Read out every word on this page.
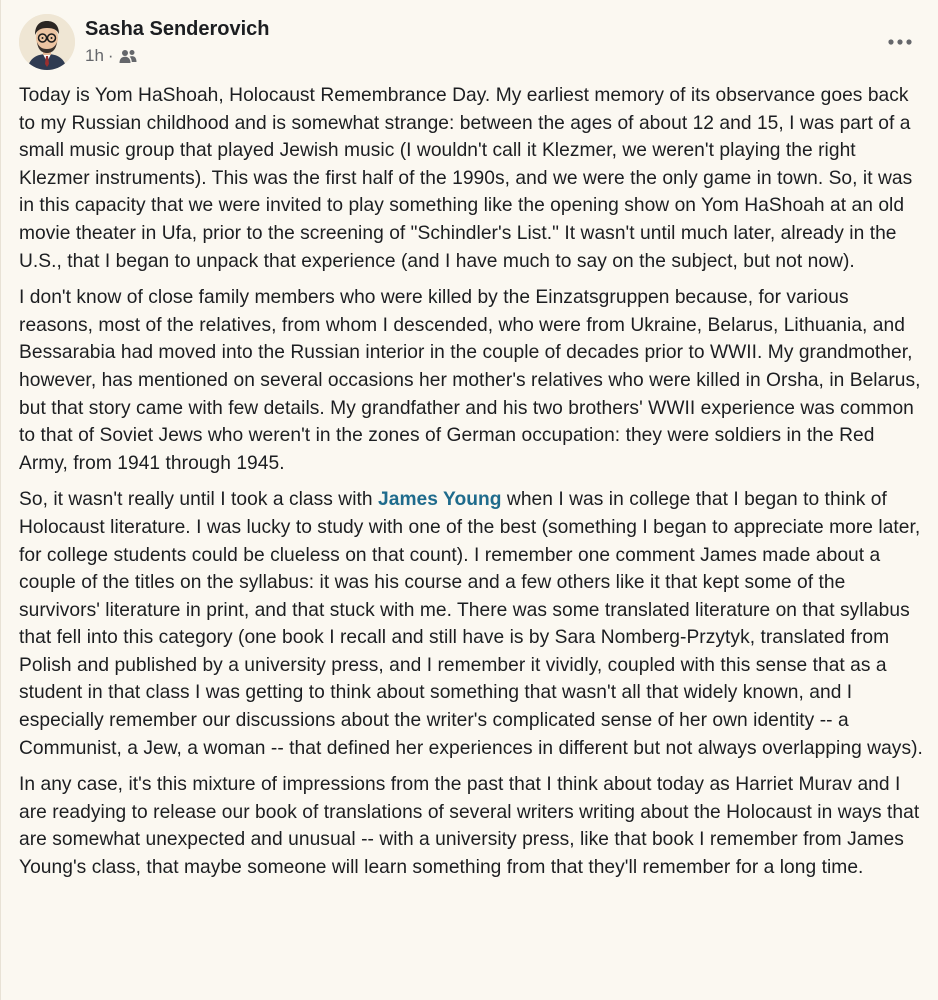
Sasha Senderovich
1h ·

Today is Yom HaShoah, Holocaust Remembrance Day. My earliest memory of its observance goes back to my Russian childhood and is somewhat strange: between the ages of about 12 and 15, I was part of a small music group that played Jewish music (I wouldn't call it Klezmer, we weren't playing the right Klezmer instruments). This was the first half of the 1990s, and we were the only game in town. So, it was in this capacity that we were invited to play something like the opening show on Yom HaShoah at an old movie theater in Ufa, prior to the screening of "Schindler's List." It wasn't until much later, already in the U.S., that I began to unpack that experience (and I have much to say on the subject, but not now).

I don't know of close family members who were killed by the Einzatsgruppen because, for various reasons, most of the relatives, from whom I descended, who were from Ukraine, Belarus, Lithuania, and Bessarabia had moved into the Russian interior in the couple of decades prior to WWII. My grandmother, however, has mentioned on several occasions her mother's relatives who were killed in Orsha, in Belarus, but that story came with few details. My grandfather and his two brothers' WWII experience was common to that of Soviet Jews who weren't in the zones of German occupation: they were soldiers in the Red Army, from 1941 through 1945.

So, it wasn't really until I took a class with James Young when I was in college that I began to think of Holocaust literature. I was lucky to study with one of the best (something I began to appreciate more later, for college students could be clueless on that count). I remember one comment James made about a couple of the titles on the syllabus: it was his course and a few others like it that kept some of the survivors' literature in print, and that stuck with me. There was some translated literature on that syllabus that fell into this category (one book I recall and still have is by Sara Nomberg-Przytyk, translated from Polish and published by a university press, and I remember it vividly, coupled with this sense that as a student in that class I was getting to think about something that wasn't all that widely known, and I especially remember our discussions about the writer's complicated sense of her own identity -- a Communist, a Jew, a woman -- that defined her experiences in different but not always overlapping ways).

In any case, it's this mixture of impressions from the past that I think about today as Harriet Murav and I are readying to release our book of translations of several writers writing about the Holocaust in ways that are somewhat unexpected and unusual -- with a university press, like that book I remember from James Young's class, that maybe someone will learn something from that they'll remember for a long time.
